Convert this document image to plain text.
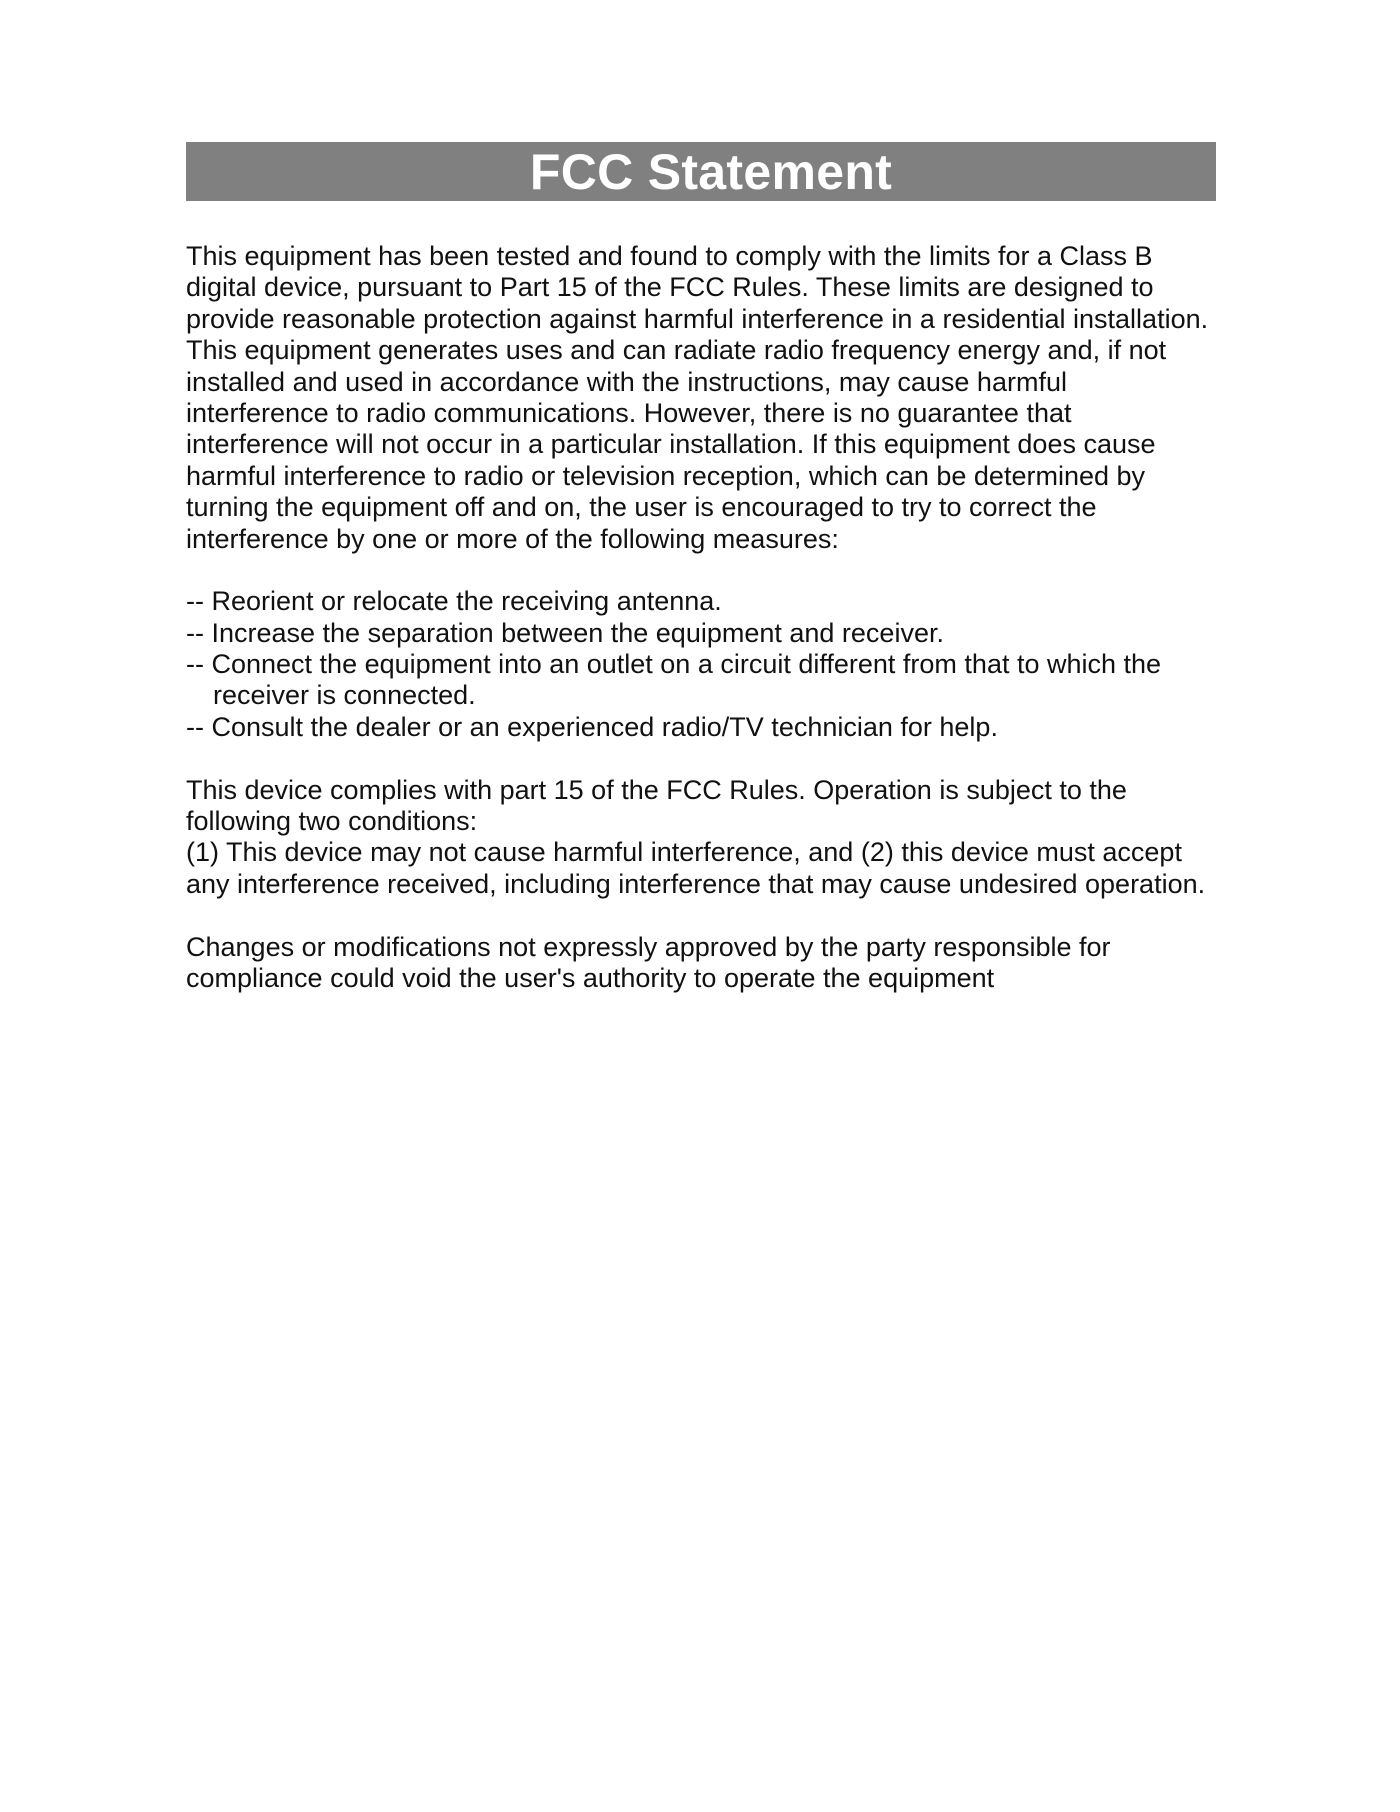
FCC Statement
This equipment has been tested and found to comply with the limits for a Class B
digital device, pursuant to Part 15 of the FCC Rules. These limits are designed to
provide reasonable protection against harmful interference in a residential installation.
This equipment generates uses and can radiate radio frequency energy and, if not
installed and used in accordance with the instructions, may cause harmful
interference to radio communications. However, there is no guarantee that
interference will not occur in a particular installation. If this equipment does cause
harmful interference to radio or television reception, which can be determined by
turning the equipment off and on, the user is encouraged to try to correct the
interference by one or more of the following measures:
-- Reorient or relocate the receiving antenna.
-- Increase the separation between the equipment and receiver.
-- Connect the equipment into an outlet on a circuit different from that to which the
receiver is connected.
-- Consult the dealer or an experienced radio/TV technician for help.
This device complies with part 15 of the FCC Rules. Operation is subject to the
following two conditions:
(1) This device may not cause harmful interference, and (2) this device must accept
any interference received, including interference that may cause undesired operation.
Changes or modifications not expressly approved by the party responsible for
compliance could void the user's authority to operate the equipment
